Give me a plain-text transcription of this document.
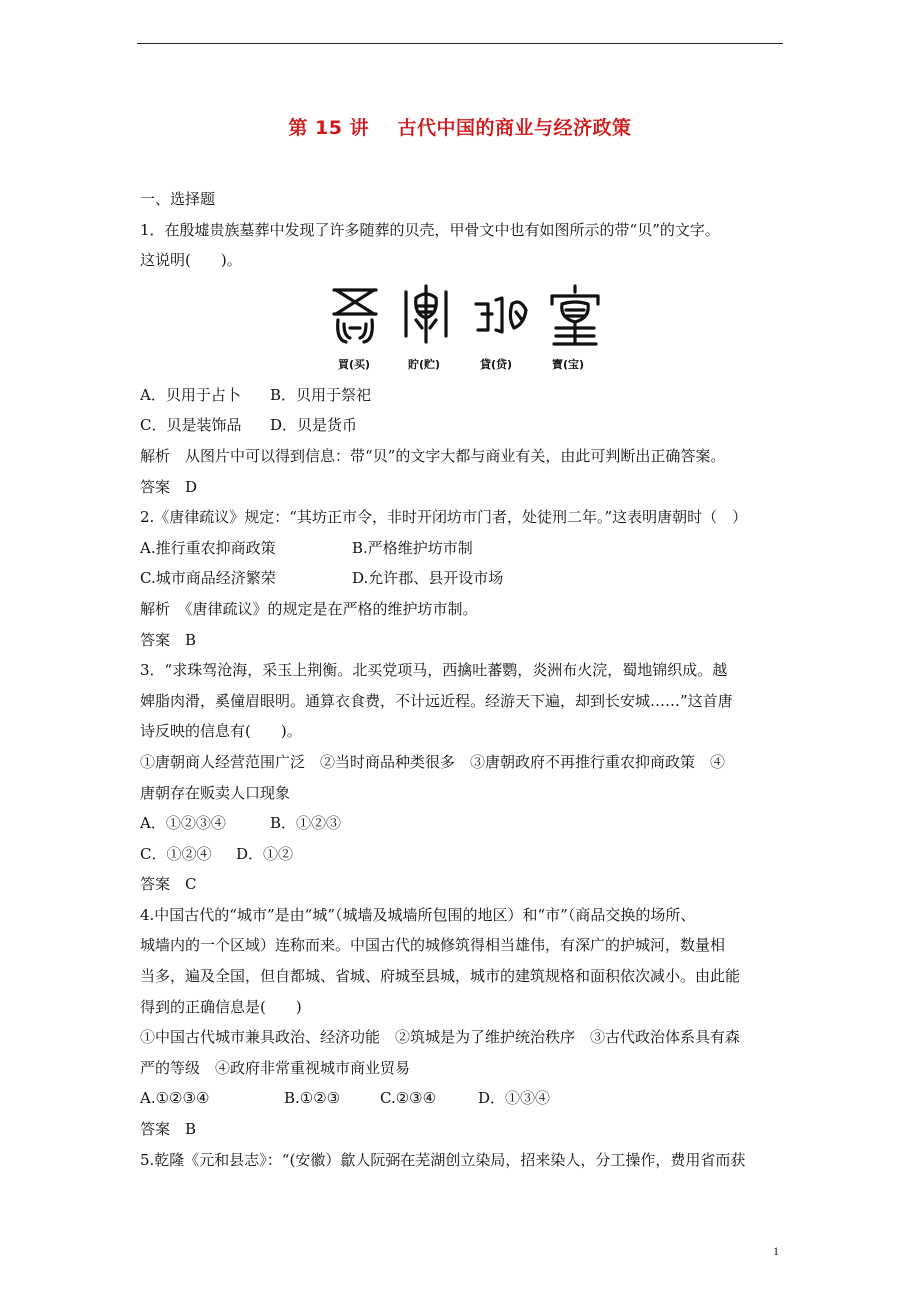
第 15 讲    古代中国的商业与经济政策
一、选择题
1．在殷墟贵族墓葬中发现了许多随葬的贝壳，甲骨文中也有如图所示的带“贝”的文字。
这说明(　　)。
買(买)	貯(贮)	貸(贷)	寶(宝)
A．贝用于占卜 B．贝用于祭祀
C．贝是装饰品 D．贝是货币
解析　从图片中可以得到信息：带“贝”的文字大都与商业有关，由此可判断出正确答案。
答案　D
2.《唐律疏议》规定：“其坊正市令，非时开闭坊市门者，处徒刑二年。”这表明唐朝时（　）
A.推行重农抑商政策	B.严格维护坊市制
C.城市商品经济繁荣	D.允许郡、县开设市场
解析　《唐律疏议》的规定是在严格的维护坊市制。
答案　B
3．“求珠驾沧海，采玉上荆衡。北买党项马，西擒吐蕃鹦，炎洲布火浣，蜀地锦织成。越
婢脂肉滑，奚僮眉眼明。通算衣食费，不计远近程。经游天下遍，却到长安城……”这首唐
诗反映的信息有(　　)。
①唐朝商人经营范围广泛　②当时商品种类很多　③唐朝政府不再推行重农抑商政策　④
唐朝存在贩卖人口现象
A．①②③④	B．①②③
C．①②④ D．①②
答案　C
4.中国古代的“城市”是由“城”（城墙及城墙所包围的地区）和“市”（商品交换的场所、
城墙内的一个区域）连称而来。中国古代的城修筑得相当雄伟，有深广的护城河，数量相
当多，遍及全国，但自都城、省城、府城至县城，城市的建筑规格和面积依次减小。由此能
得到的正确信息是(　　)
①中国古代城市兼具政治、经济功能　②筑城是为了维护统治秩序　③古代政治体系具有森
严的等级　④政府非常重视城市商业贸易
A.①②③④	B.①②③	C.②③④	D．①③④
答案　B
5.乾隆《元和县志》：“(安徽）歙人阮弼在芜湖创立染局，招来染人，分工操作，费用省而获
1
